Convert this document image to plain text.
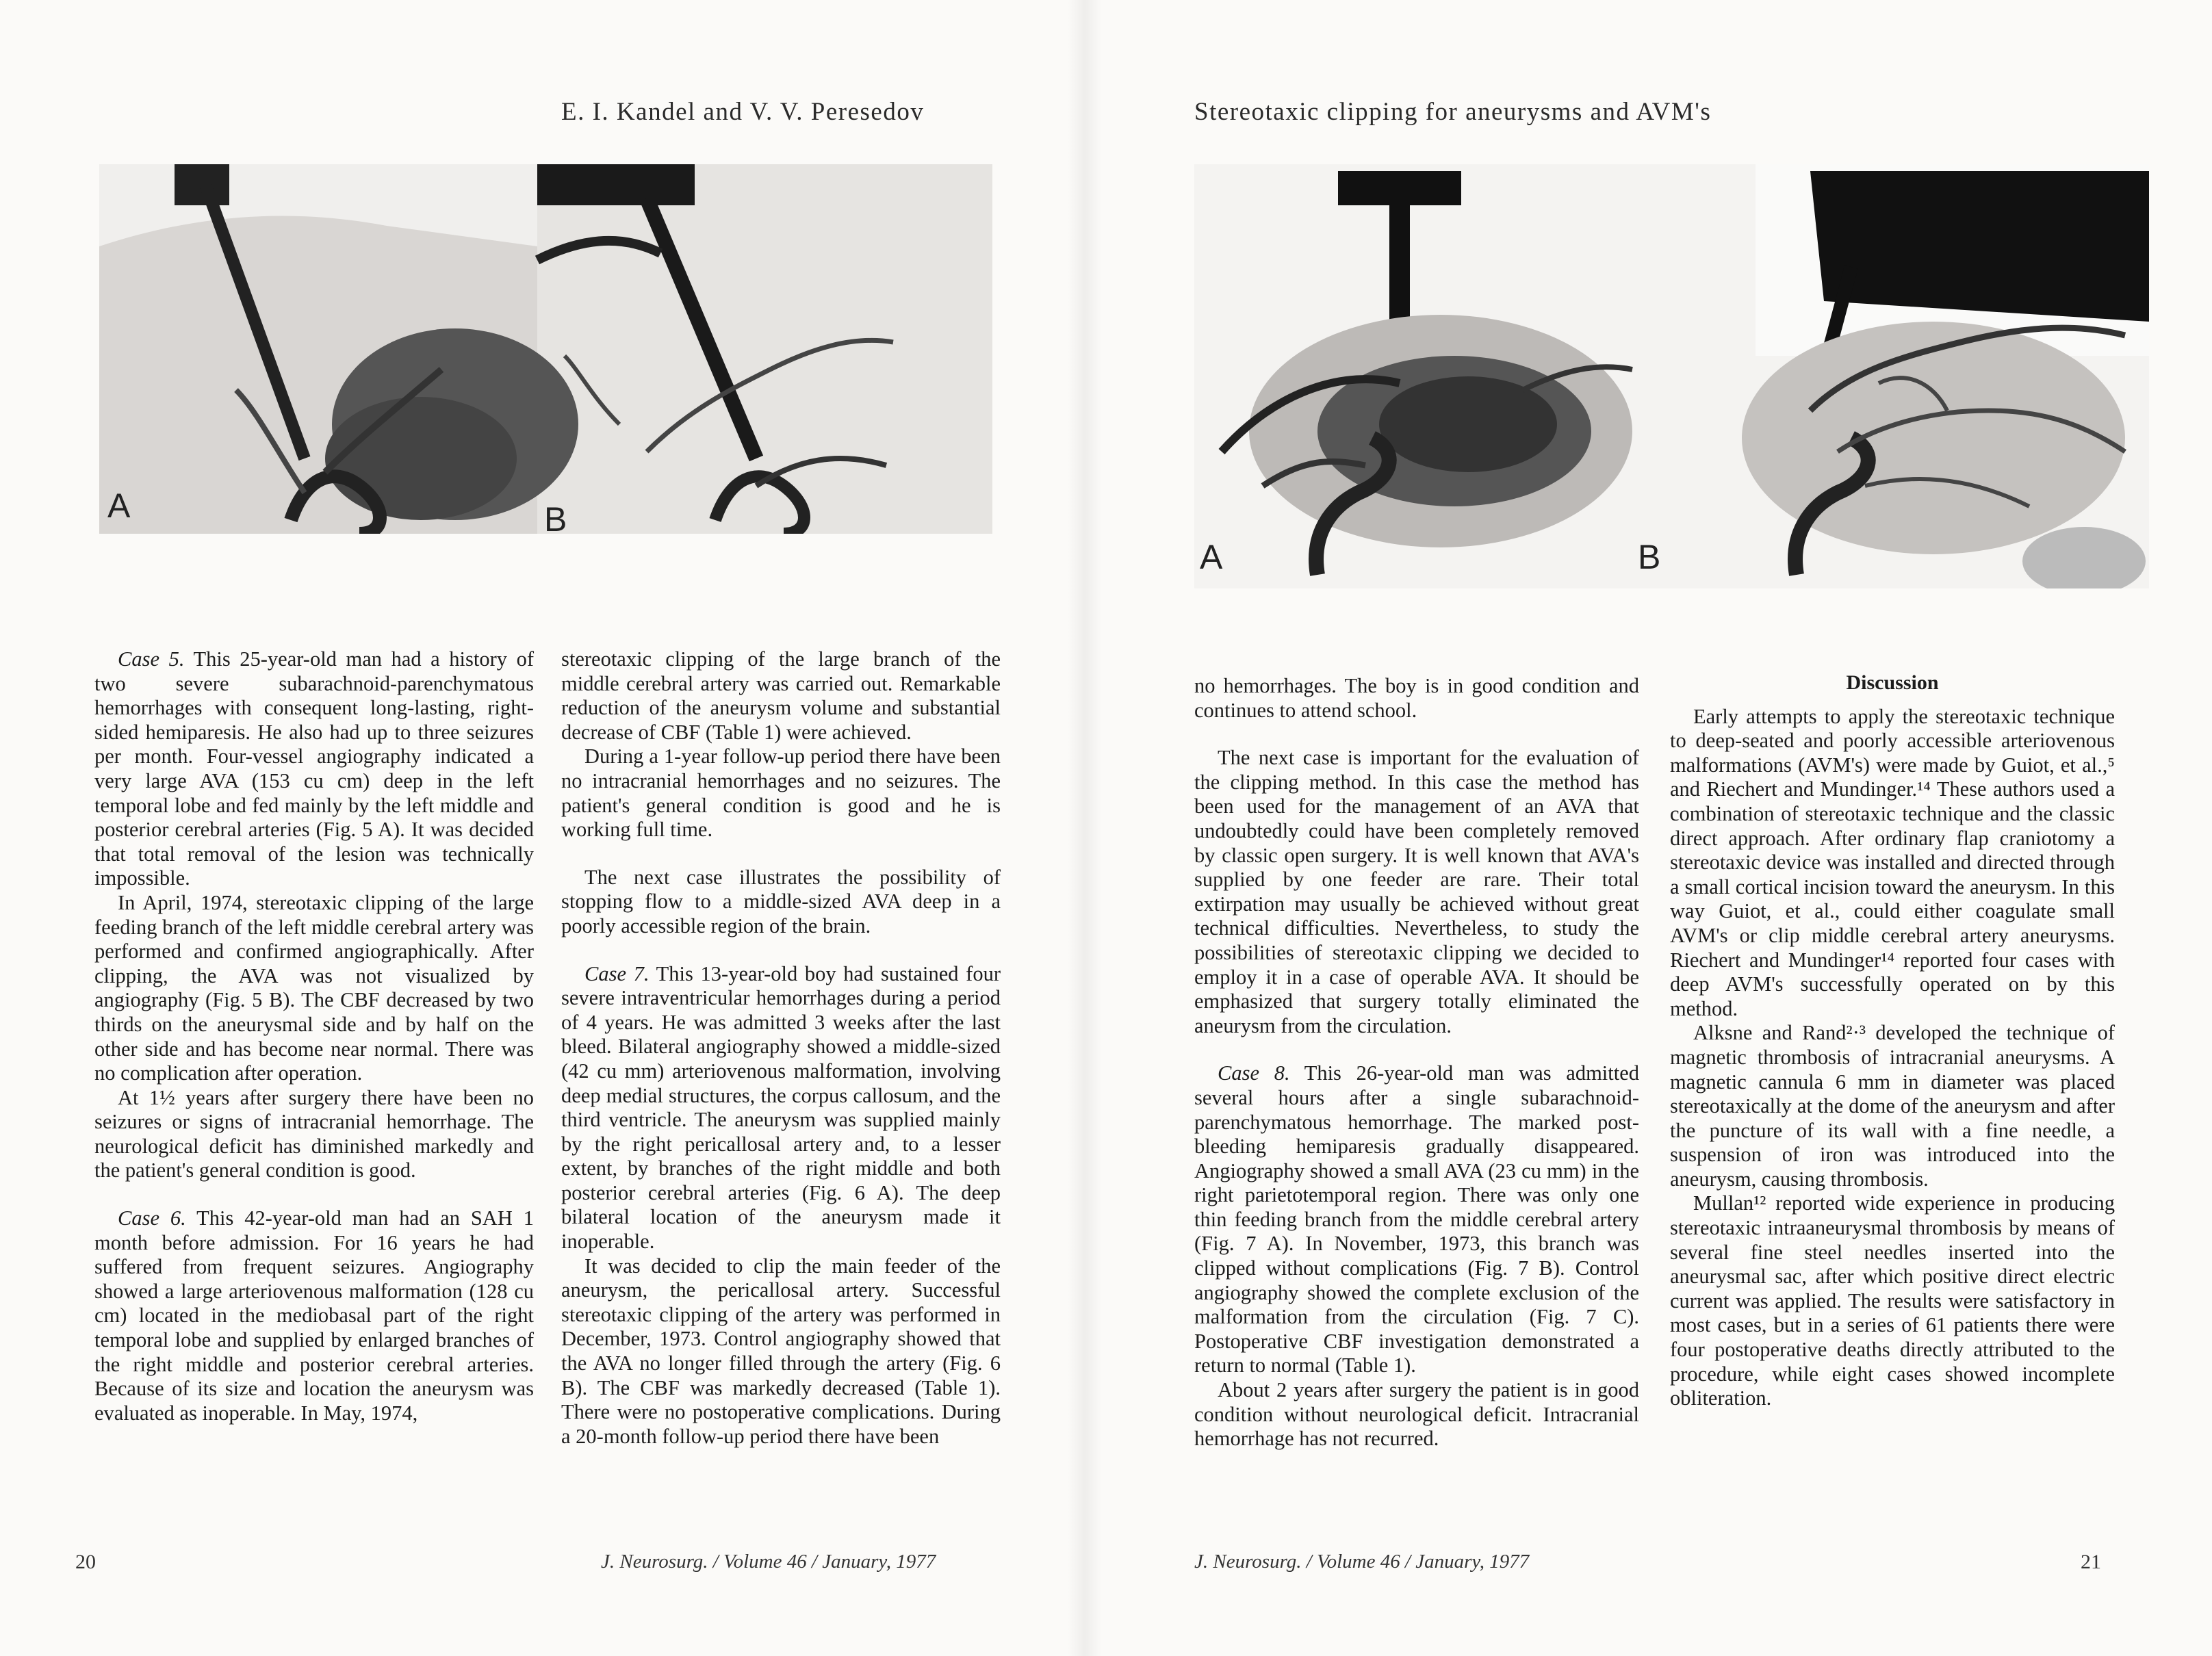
E. I. Kandel and V. V. Peresedov
A	B

Case 5. This 25-year-old man had a history of two severe subarachnoid-parenchymatous hemorrhages with consequent long-lasting, right-sided hemiparesis. He also had up to three seizures per month. Four-vessel angiography indicated a very large AVA (153 cu cm) deep in the left temporal lobe and fed mainly by the left middle and posterior cerebral arteries (Fig. 5 A). It was decided that total removal of the lesion was technically impossible.

In April, 1974, stereotaxic clipping of the large feeding branch of the left middle cerebral artery was performed and confirmed angiographically. After clipping, the AVA was not visualized by angiography (Fig. 5 B). The CBF decreased by two thirds on the aneurysmal side and by half on the other side and has become near normal. There was no complication after operation.

At 1½ years after surgery there have been no seizures or signs of intracranial hemorrhage. The neurological deficit has diminished markedly and the patient's general condition is good.

Case 6. This 42-year-old man had an SAH 1 month before admission. For 16 years he had suffered from frequent seizures. Angiography showed a large arteriovenous malformation (128 cu cm) located in the mediobasal part of the right temporal lobe and supplied by enlarged branches of the right middle and posterior cerebral arteries. Because of its size and location the aneurysm was evaluated as inoperable. In May, 1974,

stereotaxic clipping of the large branch of the middle cerebral artery was carried out. Remarkable reduction of the aneurysm volume and substantial decrease of CBF (Table 1) were achieved.

During a 1-year follow-up period there have been no intracranial hemorrhages and no seizures. The patient's general condition is good and he is working full time.

The next case illustrates the possibility of stopping flow to a middle-sized AVA deep in a poorly accessible region of the brain.

Case 7. This 13-year-old boy had sustained four severe intraventricular hemorrhages during a period of 4 years. He was admitted 3 weeks after the last bleed. Bilateral angiography showed a middle-sized (42 cu mm) arteriovenous malformation, involving deep medial structures, the corpus callosum, and the third ventricle. The aneurysm was supplied mainly by the right pericallosal artery and, to a lesser extent, by branches of the right middle and both posterior cerebral arteries (Fig. 6 A). The deep bilateral location of the aneurysm made it inoperable.

It was decided to clip the main feeder of the aneurysm, the pericallosal artery. Successful stereotaxic clipping of the artery was performed in December, 1973. Control angiography showed that the AVA no longer filled through the artery (Fig. 6 B). The CBF was markedly decreased (Table 1). There were no postoperative complications. During a 20-month follow-up period there have been

20	J. Neurosurg. / Volume 46 / January, 1977
Stereotaxic clipping for aneurysms and AVM's
A	B

no hemorrhages. The boy is in good condition and continues to attend school.

The next case is important for the evaluation of the clipping method. In this case the method has been used for the management of an AVA that undoubtedly could have been completely removed by classic open surgery. It is well known that AVA's supplied by one feeder are rare. Their total extirpation may usually be achieved without great technical difficulties. Nevertheless, to study the possibilities of stereotaxic clipping we decided to employ it in a case of operable AVA. It should be emphasized that surgery totally eliminated the aneurysm from the circulation.

Case 8. This 26-year-old man was admitted several hours after a single subarachnoid-parenchymatous hemorrhage. The marked post-bleeding hemiparesis gradually disappeared. Angiography showed a small AVA (23 cu mm) in the right parietotemporal region. There was only one thin feeding branch from the middle cerebral artery (Fig. 7 A). In November, 1973, this branch was clipped without complications (Fig. 7 B). Control angiography showed the complete exclusion of the malformation from the circulation (Fig. 7 C). Postoperative CBF investigation demonstrated a return to normal (Table 1).

About 2 years after surgery the patient is in good condition without neurological deficit. Intracranial hemorrhage has not recurred.

Discussion

Early attempts to apply the stereotaxic technique to deep-seated and poorly accessible arteriovenous malformations (AVM's) were made by Guiot, et al.,⁵ and Riechert and Mundinger.¹⁴ These authors used a combination of stereotaxic technique and the classic direct approach. After ordinary flap craniotomy a stereotaxic device was installed and directed through a small cortical incision toward the aneurysm. In this way Guiot, et al., could either coagulate small AVM's or clip middle cerebral artery aneurysms. Riechert and Mundinger¹⁴ reported four cases with deep AVM's successfully operated on by this method.

Alksne and Rand²·³ developed the technique of magnetic thrombosis of intracranial aneurysms. A magnetic cannula 6 mm in diameter was placed stereotaxically at the dome of the aneurysm and after the puncture of its wall with a fine needle, a suspension of iron was introduced into the aneurysm, causing thrombosis.

Mullan¹² reported wide experience in producing stereotaxic intraaneurysmal thrombosis by means of several fine steel needles inserted into the aneurysmal sac, after which positive direct electric current was applied. The results were satisfactory in most cases, but in a series of 61 patients there were four postoperative deaths directly attributed to the procedure, while eight cases showed incomplete obliteration.

J. Neurosurg. / Volume 46 / January, 1977	21
